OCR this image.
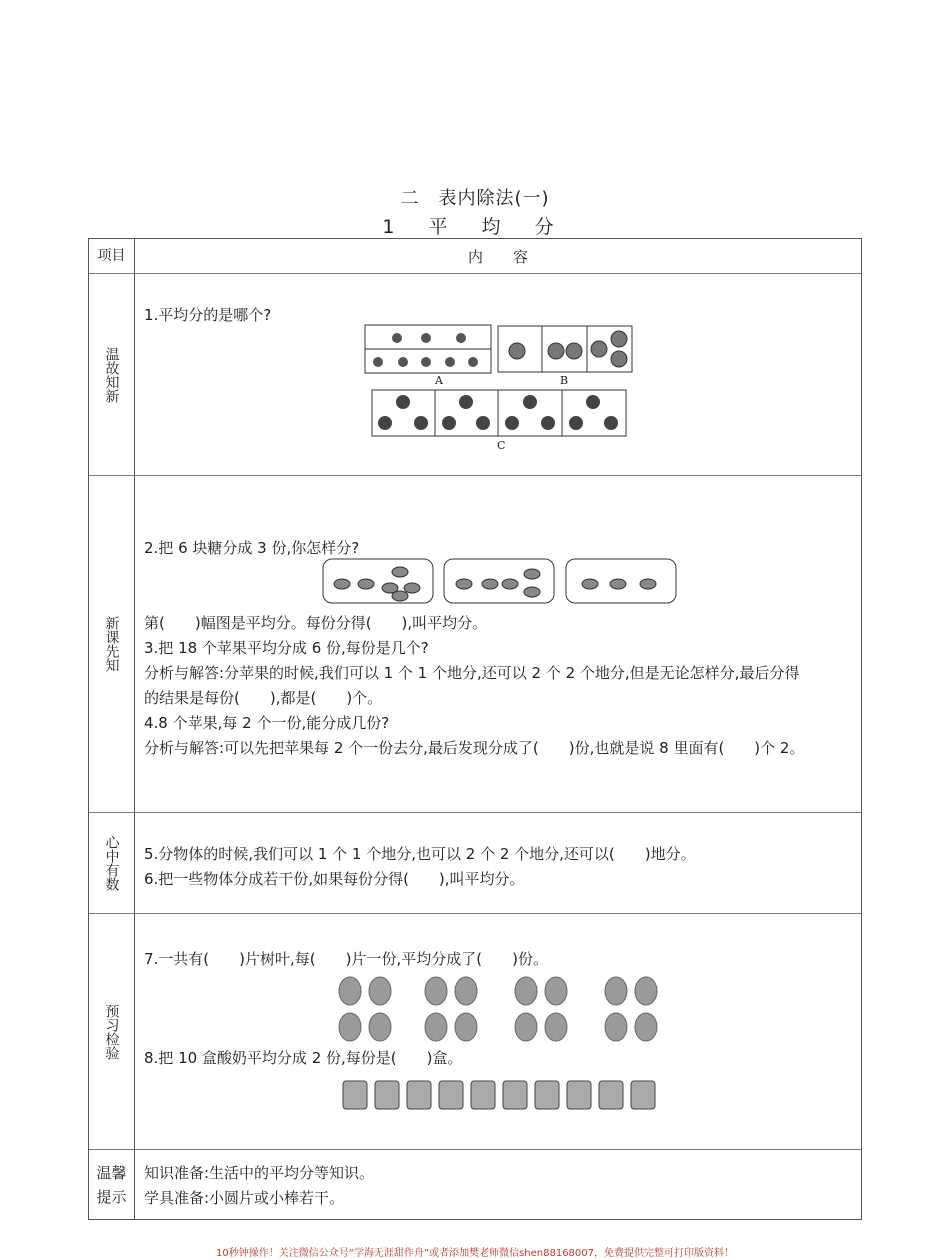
二　表内除法(一)
1 平 均 分
项目	内　　容
温故知新
1.平均分的是哪个?
A	B
C
新课先知
2.把 6 块糖分成 3 份,你怎样分?
第(　　)幅图是平均分。每份分得(　　),叫平均分。
3.把 18 个苹果平均分成 6 份,每份是几个?
分析与解答:分苹果的时候,我们可以 1 个 1 个地分,还可以 2 个 2 个地分,但是无论怎样分,最后分得
的结果是每份(　　),都是(　　)个。
4.8 个苹果,每 2 个一份,能分成几份?
分析与解答:可以先把苹果每 2 个一份去分,最后发现分成了(　　)份,也就是说 8 里面有(　　)个 2。
心中有数 5.分物体的时候,我们可以 1 个 1 个地分,也可以 2 个 2 个地分,还可以(　　)地分。
6.把一些物体分成若干份,如果每份分得(　　),叫平均分。
预习检验
7.一共有(　　)片树叶,每(　　)片一份,平均分成了(　　)份。
8.把 10 盒酸奶平均分成 2 份,每份是(　　)盒。
温馨
提示
知识准备:生活中的平均分等知识。
学具准备:小圆片或小棒若干。
10秒钟操作！关注微信公众号“学海无涯甜作舟”或者添加樊老师微信shen88168007，免费提供完整可打印版资料！
